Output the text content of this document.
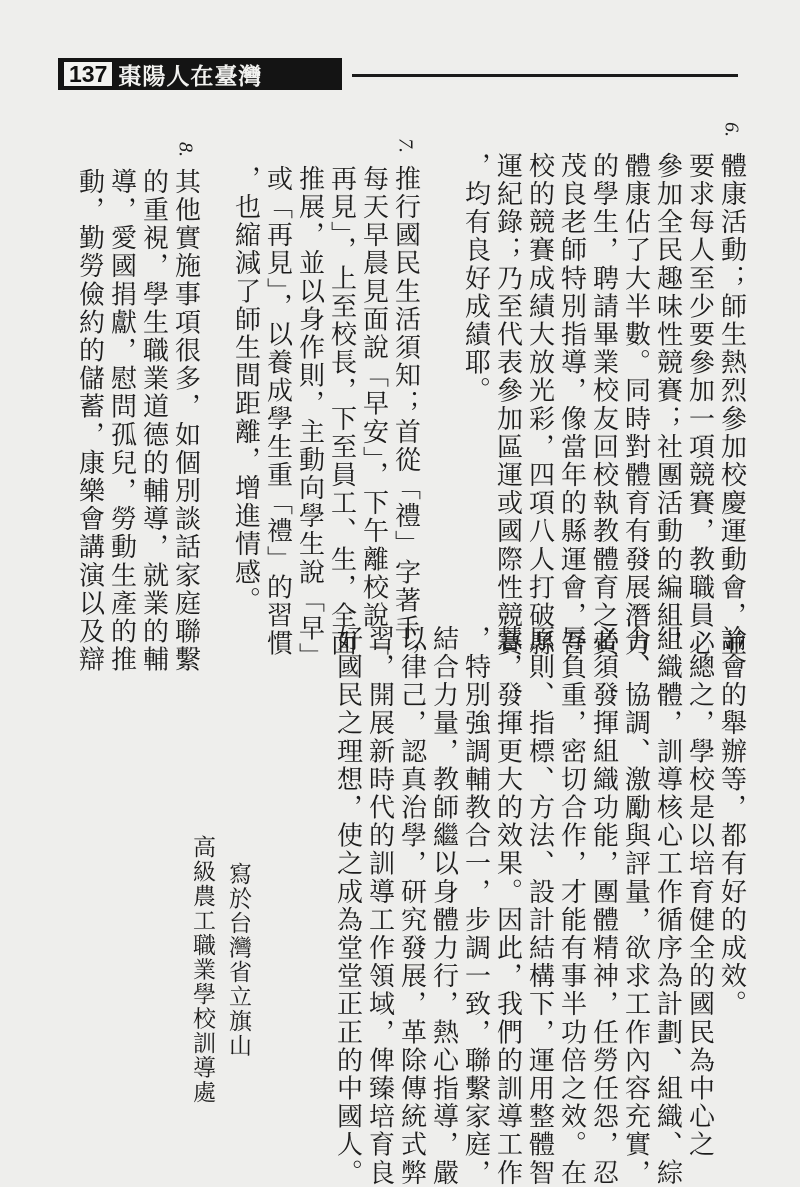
137 棗陽人在臺灣
6.
體康活動；師生熱烈參加校慶運動會，並
要求每人至少要參加一項競賽，教職員必
參加全民趣味性競賽；社團活動的編組，
體康佔了大半數。同時對體育有發展潛力
的學生，聘請畢業校友回校執教體育之黃
茂良老師特別指導，像當年的縣運會，吾
校的競賽成績大放光彩，四項八人打破縣
運紀錄；乃至代表參加區運或國際性競賽
，均有良好成績耶。
7.
推行國民生活須知；首從「禮」字著手，
每天早晨見面說「早安」，下午離校說「
再見」，上至校長，下至員工、生，全面
推展，並以身作則，主動向學生說「早」
或「再見」，以養成學生重「禮」的習慣
，也縮減了師生間距離，增進情感。
8.
其他實施事項很多，如個別談話家庭聯繫
的重視，學生職業道德的輔導，就業的輔
導，愛國捐獻，慰問孤兒，勞動生產的推
動，勤勞儉約的儲蓄，康樂會講演以及辯
論會的舉辦等，都有好的成效。
　總之，學校是以培育健全的國民為中心之
組織體，訓導核心工作循序為計劃、組織、綜
合、協調、激勵與評量，欲求工作內容充實，
必須發揮組織功能，團體精神，任勞任怨，忍
辱負重，密切合作，才能有事半功倍之效。在
原則、指標、方法、設計結構下，運用整體智
慧，發揮更大的效果。因此，我們的訓導工作
，特別強調輔教合一，步調一致，聯繫家庭，
結合力量，教師繼以身體力行，熱心指導，嚴
以律己，認真治學，研究發展，革除傳統式弊
習，開展新時代的訓導工作領域，俾臻培育良
好國民之理想，使之成為堂堂正正的中國人。
寫於台灣省立旗山
高級農工職業學校訓導處
